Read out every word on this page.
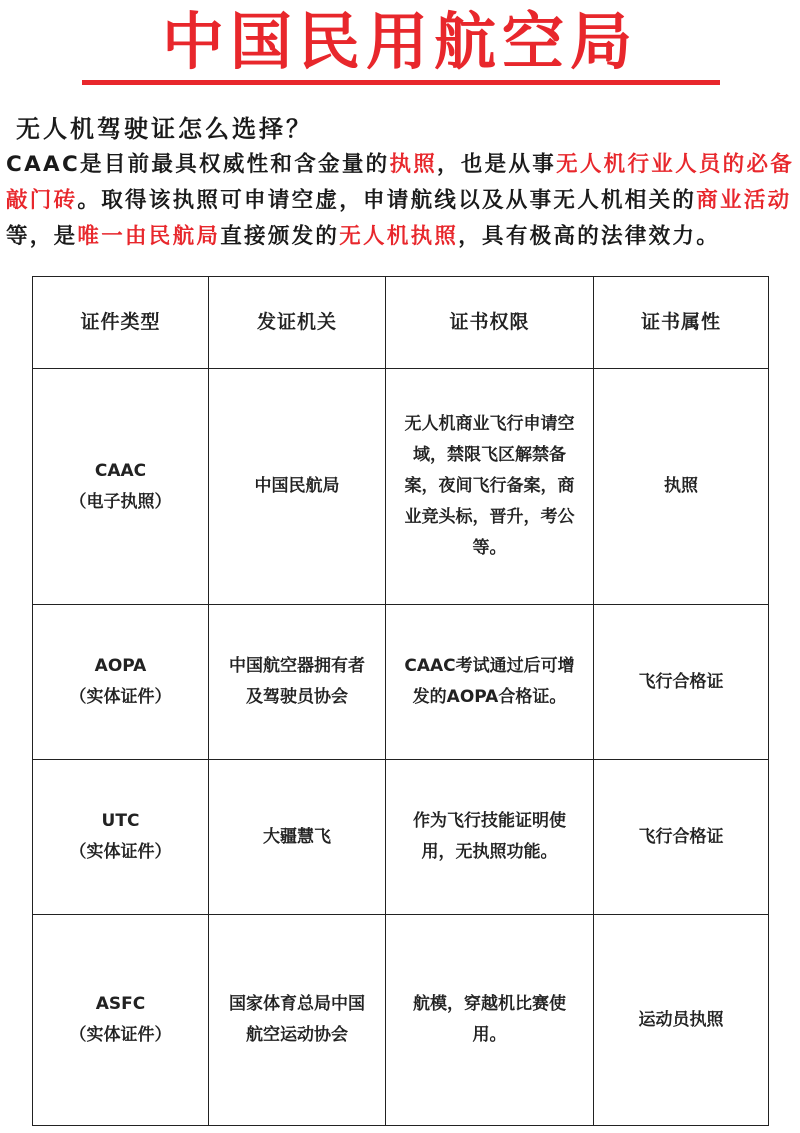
中国民用航空局
无人机驾驶证怎么选择？
CAAC是目前最具权威性和含金量的执照，也是从事无人机行业人员的必备敲门砖。取得该执照可申请空虚，申请航线以及从事无人机相关的商业活动等，是唯一由民航局直接颁发的无人机执照，具有极高的法律效力。
证件类型	发证机关	证书权限	证书属性

CAAC
（电子执照）	中国民航局	无人机商业飞行申请空域，禁限飞区解禁备案，夜间飞行备案，商业竞头标，晋升，考公等。	执照

AOPA
（实体证件）	中国航空器拥有者及驾驶员协会	CAAC考试通过后可增发的AOPA合格证。	飞行合格证

UTC
（实体证件）	大疆慧飞	作为飞行技能证明使用，无执照功能。	飞行合格证

ASFC
（实体证件）	国家体育总局中国航空运动协会	航模，穿越机比赛使用。	运动员执照
